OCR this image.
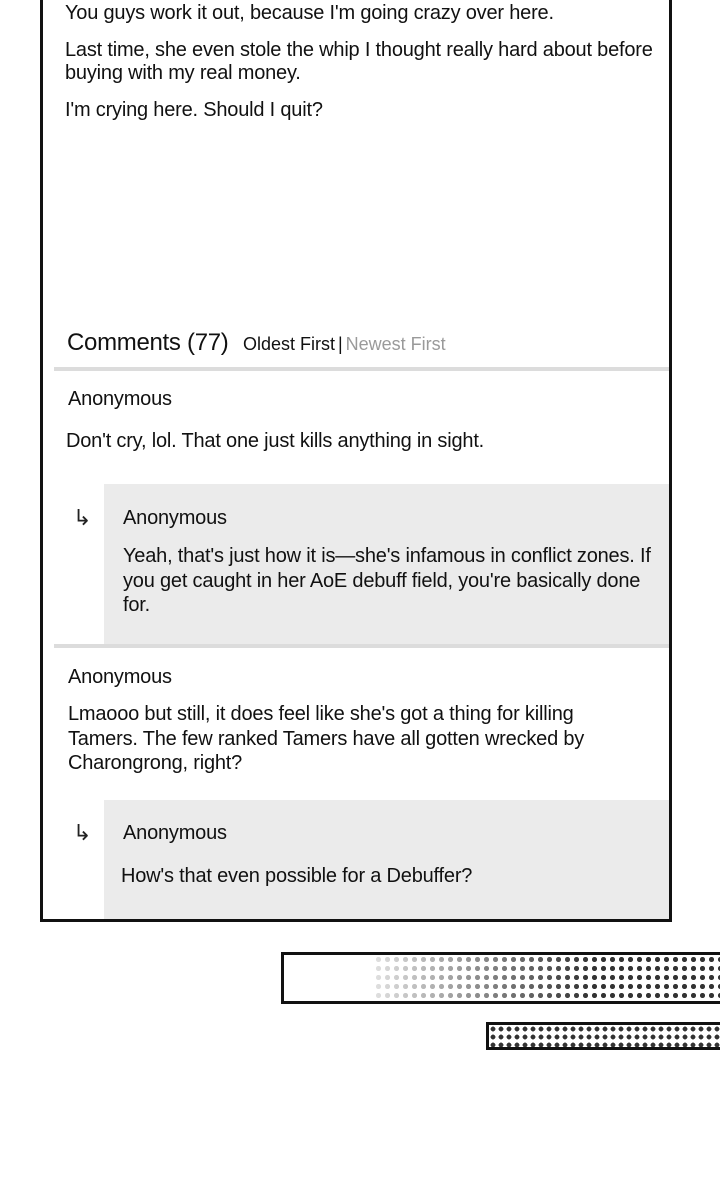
You guys work it out, because I'm going crazy over here.

Last time, she even stole the whip I thought really hard about before buying with my real money.

I'm crying here. Should I quit?

Comments (77) Oldest First | Newest First
Anonymous
Don't cry, lol. That one just kills anything in sight.
Anonymous
Yeah, that's just how it is—she's infamous in conflict zones. If you get caught in her AoE debuff field, you're basically done for.
↳
Anonymous
Lmaooo but still, it does feel like she's got a thing for killing Tamers. The few ranked Tamers have all gotten wrecked by Charongrong, right?
Anonymous
How's that even possible for a Debuffer?
↳
